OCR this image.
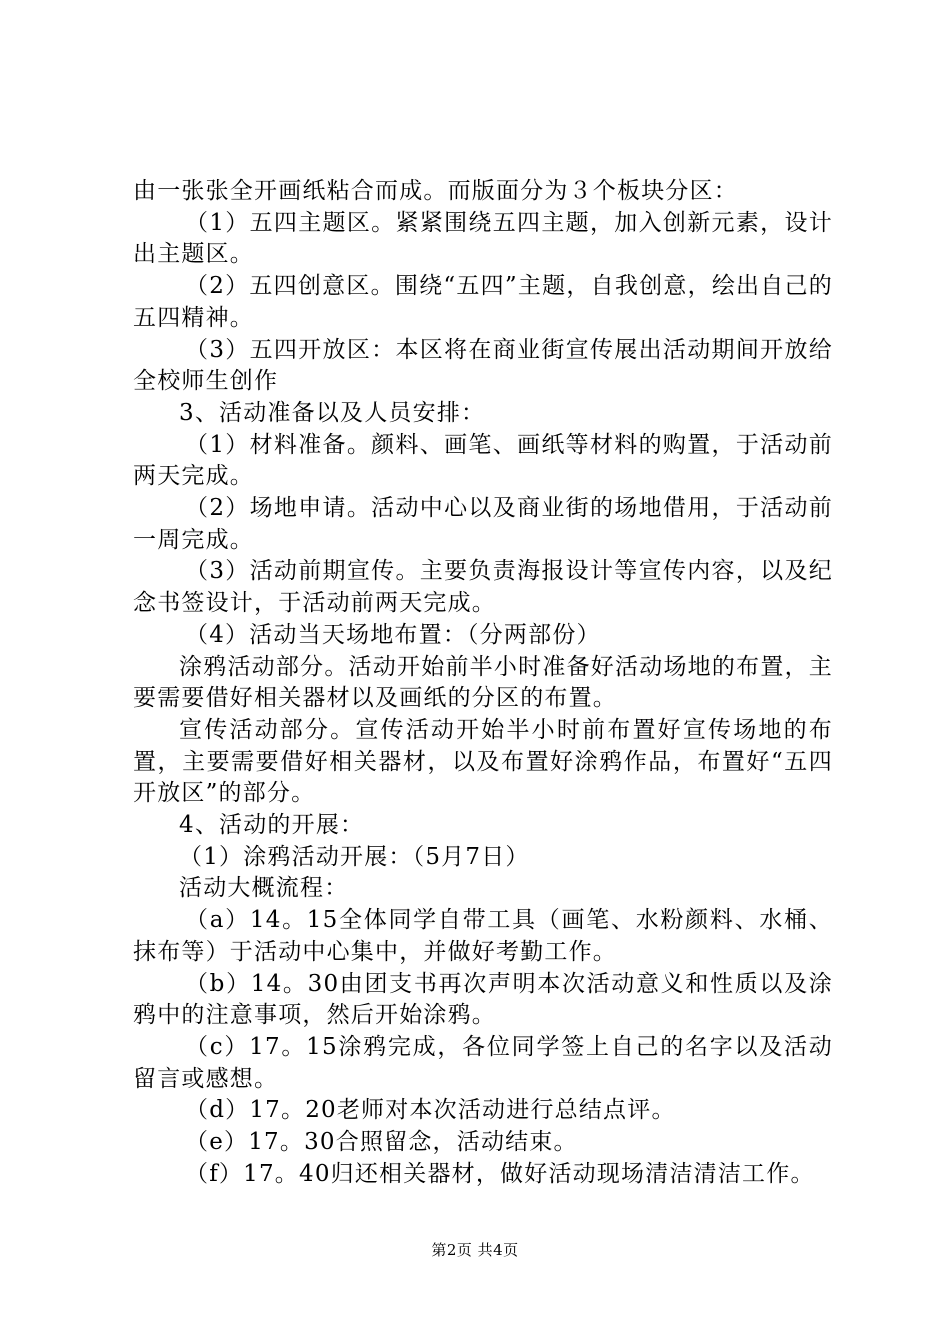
由一张张全开画纸粘合而成。而版面分为３个板块分区：

（1）五四主题区。紧紧围绕五四主题，加入创新元素，设计出主题区。

（2）五四创意区。围绕“五四”主题，自我创意，绘出自己的五四精神。

（3）五四开放区：本区将在商业街宣传展出活动期间开放给全校师生创作

3、活动准备以及人员安排：

（1）材料准备。颜料、画笔、画纸等材料的购置，于活动前两天完成。

（2）场地申请。活动中心以及商业街的场地借用，于活动前一周完成。

（3）活动前期宣传。主要负责海报设计等宣传内容，以及纪念书签设计，于活动前两天完成。

（4）活动当天场地布置：（分两部份）

涂鸦活动部分。活动开始前半小时准备好活动场地的布置，主要需要借好相关器材以及画纸的分区的布置。

宣传活动部分。宣传活动开始半小时前布置好宣传场地的布置，主要需要借好相关器材，以及布置好涂鸦作品，布置好“五四开放区”的部分。

4、活动的开展：

（1）涂鸦活动开展：（5月7日）

活动大概流程：

（a）14。15全体同学自带工具（画笔、水粉颜料、水桶、抹布等）于活动中心集中，并做好考勤工作。

（b）14。30由团支书再次声明本次活动意义和性质以及涂鸦中的注意事项，然后开始涂鸦。

（c）17。15涂鸦完成，各位同学签上自己的名字以及活动留言或感想。

（d）17。20老师对本次活动进行总结点评。

（e）17。30合照留念，活动结束。

（f）17。40归还相关器材，做好活动现场清洁清洁工作。

第2页 共4页
